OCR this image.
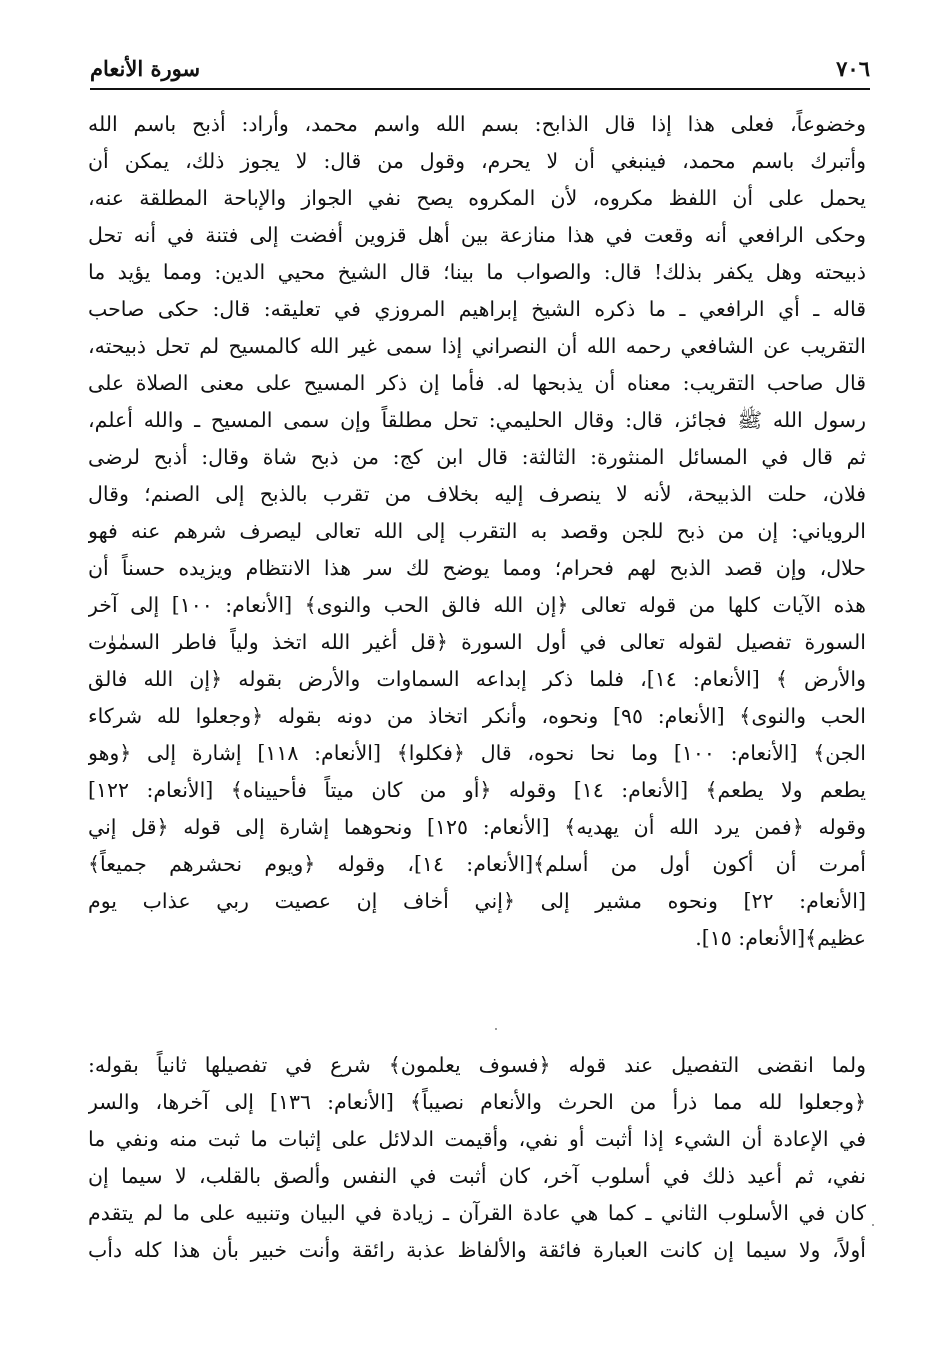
٧٠٦
سورة الأنعام
وخضوعاً، فعلى هذا إذا قال الذابح: بسم الله واسم محمد، وأراد: أذبح باسم الله
وأتبرك باسم محمد، فينبغي أن لا يحرم، وقول من قال: لا يجوز ذلك، يمكن أن
يحمل على أن اللفظ مكروه، لأن المكروه يصح نفي الجواز والإباحة المطلقة عنه،
وحكى الرافعي أنه وقعت في هذا منازعة بين أهل قزوين أفضت إلى فتنة في أنه تحل
ذبيحته وهل يكفر بذلك! قال: والصواب ما بينا؛ قال الشيخ محيي الدين: ومما يؤيد ما
قاله ـ أي الرافعي ـ ما ذكره الشيخ إبراهيم المروزي في تعليقه: قال: حكى صاحب
التقريب عن الشافعي رحمه الله أن النصراني إذا سمى غير الله كالمسيح لم تحل ذبيحته،
قال صاحب التقريب: معناه أن يذبحها له. فأما إن ذكر المسيح على معنى الصلاة على
رسول الله ﷺ فجائز، قال: وقال الحليمي: تحل مطلقاً وإن سمى المسيح ـ والله أعلم،
ثم قال في المسائل المنثورة: الثالثة: قال ابن كج: من ذبح شاة وقال: أذبح لرضى
فلان، حلت الذبيحة، لأنه لا ينصرف إليه بخلاف من تقرب بالذبح إلى الصنم؛ وقال
الروياني: إن من ذبح للجن وقصد به التقرب إلى الله تعالى ليصرف شرهم عنه فهو
حلال، وإن قصد الذبح لهم فحرام؛ ومما يوضح لك سر هذا الانتظام ويزيده حسناً أن
هذه الآيات كلها من قوله تعالى ﴿إن الله فالق الحب والنوى﴾ [الأنعام: ١٠٠] إلى آخر
السورة تفصيل لقوله تعالى في أول السورة ﴿قل أغير الله اتخذ ولياً فاطر السمٰوٰت
والأرض ﴾ [الأنعام: ١٤]، فلما ذكر إبداعه السماوات والأرض بقوله ﴿إن الله فالق
الحب والنوى﴾ [الأنعام: ٩٥] ونحوه، وأنكر اتخاذ من دونه بقوله ﴿وجعلوا لله شركاء
الجن﴾ [الأنعام: ١٠٠] وما نحا نحوه، قال ﴿فكلوا﴾ [الأنعام: ١١٨] إشارة إلى ﴿وهو
يطعم ولا يطعم﴾ [الأنعام: ١٤] وقوله ﴿أو من كان ميتاً فأحييناه﴾ [الأنعام: ١٢٢]
وقوله ﴿فمن يرد الله أن يهديه﴾ [الأنعام: ١٢٥] ونحوهما إشارة إلى قوله ﴿قل إني
أمرت أن أكون أول من أسلم﴾[الأنعام: ١٤]، وقوله ﴿ويوم نحشرهم جميعاً﴾
[الأنعام: ٢٢] ونحوه مشير إلى ﴿إني أخاف إن عصيت ربي عذاب يوم
عظيم﴾[الأنعام: ١٥].
ولما انقضى التفصيل عند قوله ﴿فسوف يعلمون﴾ شرع في تفصيلها ثانياً بقوله:
﴿وجعلوا لله مما ذرأ من الحرث والأنعام نصيباً﴾ [الأنعام: ١٣٦] إلى آخرها، والسر
في الإعادة أن الشيء إذا أثبت أو نفي، وأقيمت الدلائل على إثبات ما ثبت منه ونفي ما
نفي، ثم أعيد ذلك في أسلوب آخر، كان أثبت في النفس وألصق بالقلب، لا سيما إن
كان في الأسلوب الثاني ـ كما هي عادة القرآن ـ زيادة في البيان وتنبيه على ما لم يتقدم
أولاً، ولا سيما إن كانت العبارة فائقة والألفاظ عذبة رائقة وأنت خبير بأن هذا كله دأب
